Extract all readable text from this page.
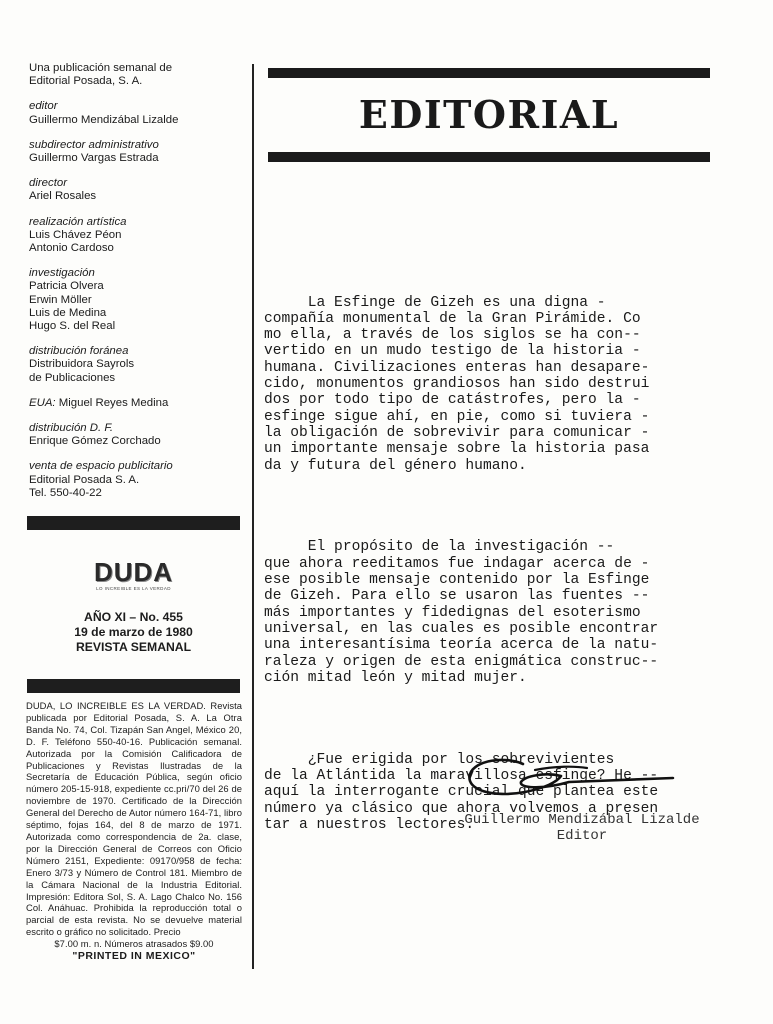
Una publicación semanal de
Editorial Posada, S. A.
editor
Guillermo Mendizábal Lizalde
subdirector administrativo
Guillermo Vargas Estrada
director
Ariel Rosales
realización artística
Luis Chávez Péon
Antonio Cardoso
investigación
Patricia Olvera
Erwin Möller
Luis de Medina
Hugo S. del Real
distribución foránea
Distribuidora Sayrols
de Publicaciones
EUA: Miguel Reyes Medina
distribución D. F.
Enrique Gómez Corchado
venta de espacio publicitario
Editorial Posada S. A.
Tel. 550-40-22
DUDA
LO INCREIBLE ES LA VERDAD
AÑO XI – No. 455
19 de marzo de 1980
REVISTA SEMANAL
DUDA, LO INCREIBLE ES LA VERDAD. Revista publicada por Editorial Posada, S. A. La Otra Banda No. 74, Col. Tizapán San Angel, México 20, D. F. Teléfono 550-40-16. Publicación semanal. Autorizada por la Comisión Calificadora de Publicaciones y Revistas Ilustradas de la Secretaría de Educación Pública, según oficio número 205-15-918, expediente cc.pri/70 del 26 de noviembre de 1970. Certificado de la Dirección General del Derecho de Autor número 164-71, libro séptimo, fojas 164, del 8 de marzo de 1971. Autorizada como correspondencia de 2a. clase, por la Dirección General de Correos con Oficio Número 2151, Expediente: 09170/958 de fecha: Enero 3/73 y Número de Control 181. Miembro de la Cámara Nacional de la Industria Editorial. Impresión: Editora Sol, S. A. Lago Chalco No. 156 Col. Anáhuac. Prohibida la reproducción total o parcial de esta revista. No se devuelve material escrito o gráfico no solicitado. Precio
$7.00 m. n. Números atrasados $9.00
"PRINTED IN MEXICO"
EDITORIAL

La Esfinge de Gizeh es una digna -
compañía monumental de la Gran Pirámide. Co
mo ella, a través de los siglos se ha con--
vertido en un mudo testigo de la historia -
humana. Civilizaciones enteras han desapare-
cido, monumentos grandiosos han sido destrui
dos por todo tipo de catástrofes, pero la -
esfinge sigue ahí, en pie, como si tuviera -
la obligación de sobrevivir para comunicar -
un importante mensaje sobre la historia pasa
da y futura del género humano.

El propósito de la investigación --
que ahora reeditamos fue indagar acerca de -
ese posible mensaje contenido por la Esfinge
de Gizeh. Para ello se usaron las fuentes --
más importantes y fidedignas del esoterismo
universal, en las cuales es posible encontrar
una interesantísima teoría acerca de la natu-
raleza y origen de esta enigmática construc--
ción mitad león y mitad mujer.

¿Fue erigida por los sobrevivientes
de la Atlántida la maravillosa esfinge? He --
aquí la interrogante crucial que plantea este
número ya clásico que ahora volvemos a presen
tar a nuestros lectores.

Guillermo Mendizábal Lizalde
Editor
